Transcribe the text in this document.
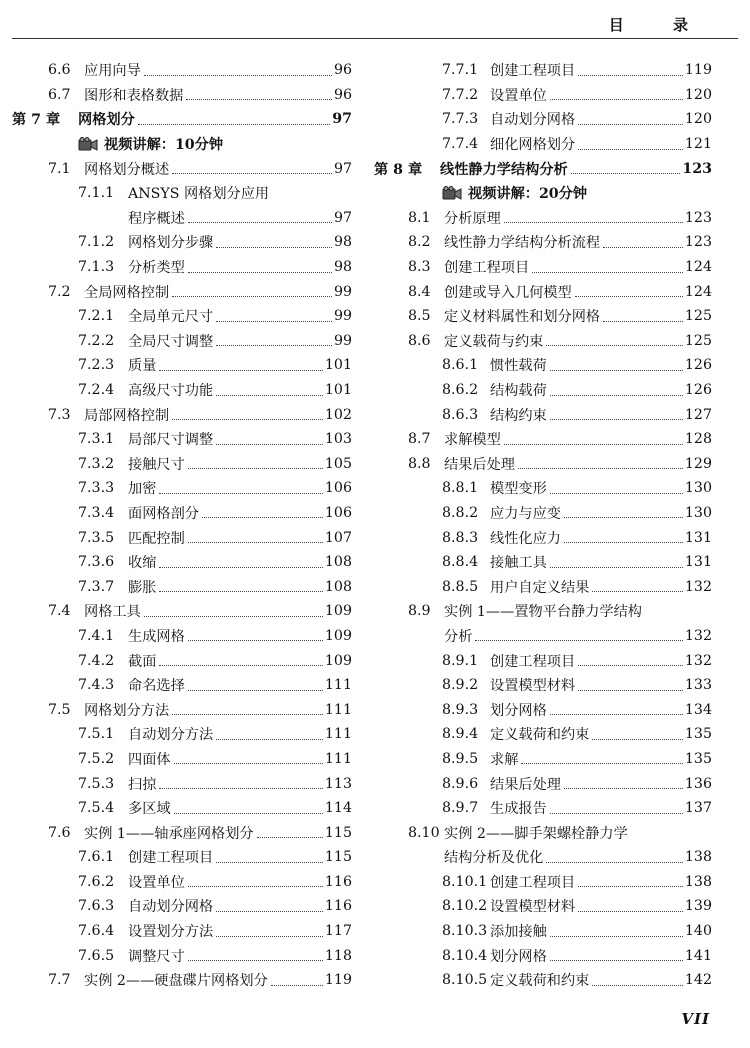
目 录
6.6 应用向导	96
6.7 图形和表格数据	96
第 7 章 网格划分	97
视频讲解：10分钟
7.1 网格划分概述	97
7.1.1 ANSYS 网格划分应用
程序概述	97
7.1.2 网格划分步骤	98
7.1.3 分析类型	98
7.2 全局网格控制	99
7.2.1 全局单元尺寸	99
7.2.2 全局尺寸调整	99
7.2.3 质量	101
7.2.4 高级尺寸功能	101
7.3 局部网格控制	102
7.3.1 局部尺寸调整	103
7.3.2 接触尺寸	105
7.3.3 加密	106
7.3.4 面网格剖分	106
7.3.5 匹配控制	107
7.3.6 收缩	108
7.3.7 膨胀	108
7.4 网格工具	109
7.4.1 生成网格	109
7.4.2 截面	109
7.4.3 命名选择	111
7.5 网格划分方法	111
7.5.1 自动划分方法	111
7.5.2 四面体	111
7.5.3 扫掠	113
7.5.4 多区域	114
7.6 实例 1——轴承座网格划分	115
7.6.1 创建工程项目	115
7.6.2 设置单位	116
7.6.3 自动划分网格	116
7.6.4 设置划分方法	117
7.6.5 调整尺寸	118
7.7 实例 2——硬盘碟片网格划分	119
7.7.1 创建工程项目	119
7.7.2 设置单位	120
7.7.3 自动划分网格	120
7.7.4 细化网格划分	121
第 8 章 线性静力学结构分析	123
视频讲解：20分钟
8.1 分析原理	123
8.2 线性静力学结构分析流程	123
8.3 创建工程项目	124
8.4 创建或导入几何模型	124
8.5 定义材料属性和划分网格	125
8.6 定义载荷与约束	125
8.6.1 惯性载荷	126
8.6.2 结构载荷	126
8.6.3 结构约束	127
8.7 求解模型	128
8.8 结果后处理	129
8.8.1 模型变形	130
8.8.2 应力与应变	130
8.8.3 线性化应力	131
8.8.4 接触工具	131
8.8.5 用户自定义结果	132
8.9 实例 1——置物平台静力学结构
分析	132
8.9.1 创建工程项目	132
8.9.2 设置模型材料	133
8.9.3 划分网格	134
8.9.4 定义载荷和约束	135
8.9.5 求解	135
8.9.6 结果后处理	136
8.9.7 生成报告	137
8.10 实例 2——脚手架螺栓静力学
结构分析及优化	138
8.10.1 创建工程项目	138
8.10.2 设置模型材料	139
8.10.3 添加接触	140
8.10.4 划分网格	141
8.10.5 定义载荷和约束	142
VII
